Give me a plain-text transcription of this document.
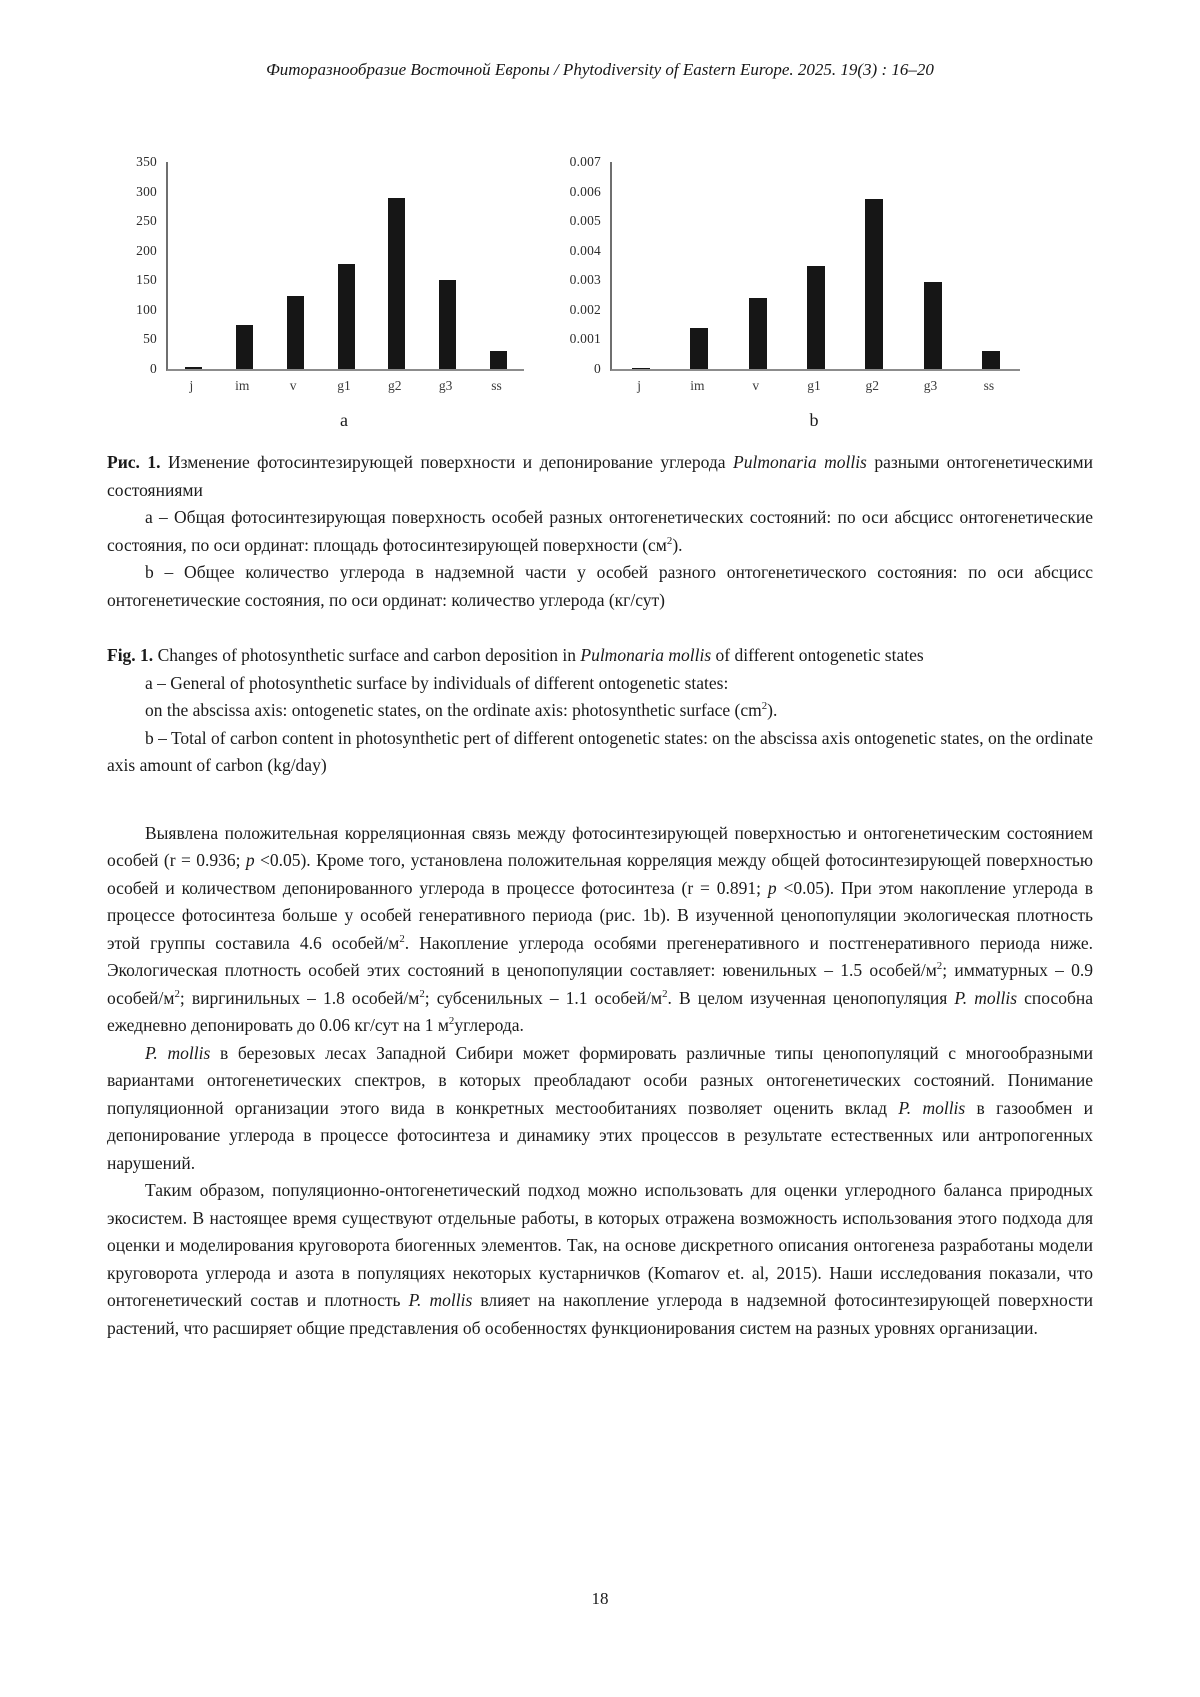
Фиторазнообразие Восточной Европы / Phytodiversity of Eastern Europe. 2025. 19(3) : 16–20
350
300
250
200
150
100
50
0
j	im	v	g1	g2	g3	ss
a
0.007
0.006
0.005
0.004
0.003
0.002
0.001
0
j	im	v	g1	g2	g3	ss
b

Рис. 1. Изменение фотосинтезирующей поверхности и депонирование углерода Pulmonaria mollis разными онтогенетическими состояниями

а – Общая фотосинтезирующая поверхность особей разных онтогенетических состояний: по оси абсцисс онтогенетические состояния, по оси ординат: площадь фотосинтезирующей поверхности $(см^2)$.

b – Общее количество углерода в надземной части у особей разного онтогенетического состояния: по оси абсцисс онтогенетические состояния, по оси ординат: количество углерода (кг/сут)

Fig. 1. Changes of photosynthetic surface and carbon deposition in Pulmonaria mollis of different ontogenetic states

a – General of photosynthetic surface by individuals of different ontogenetic states:

on the abscissa axis: ontogenetic states, on the ordinate axis: photosynthetic surface $(cm^2)$.

b – Total of carbon content in photosynthetic pert of different ontogenetic states: on the abscissa axis ontogenetic states, on the ordinate axis amount of carbon (kg/day)

Выявлена положительная корреляционная связь между фотосинтезирующей поверхностью и онтогенетическим состоянием особей (r = 0.936; p <0.05). Кроме того, установлена положительная корреляция между общей фотосинтезирующей поверхностью особей и количеством депонированного углерода в процессе фотосинтеза (r = 0.891; p <0.05). При этом накопление углерода в процессе фотосинтеза больше у особей генеративного периода (рис. 1b). В изученной ценопопуляции экологическая плотность этой группы составила 4.6 особей/$м^2$. Накопление углерода особями прегенеративного и постгенеративного периода ниже. Экологическая плотность особей этих состояний в ценопопуляции составляет: ювенильных – 1.5 особей/$м^2$; имматурных – 0.9 особей/$м^2$; виргинильных – 1.8 особей/$м^2$; субсенильных – 1.1 особей/$м^2$. В целом изученная ценопопуляция P. mollis способна ежедневно депонировать до 0.06 кг/сут на 1 $м^2углерода$.

P. mollis в березовых лесах Западной Сибири может формировать различные типы ценопопуляций с многообразными вариантами онтогенетических спектров, в которых преобладают особи разных онтогенетических состояний. Понимание популяционной организации этого вида в конкретных местообитаниях позволяет оценить вклад P. mollis в газообмен и депонирование углерода в процессе фотосинтеза и динамику этих процессов в результате естественных или антропогенных нарушений.

Таким образом, популяционно-онтогенетический подход можно использовать для оценки углеродного баланса природных экосистем. В настоящее время существуют отдельные работы, в которых отражена возможность использования этого подхода для оценки и моделирования круговорота биогенных элементов. Так, на основе дискретного описания онтогенеза разработаны модели круговорота углерода и азота в популяциях некоторых кустарничков (Komarov et. al, 2015). Наши исследования показали, что онтогенетический состав и плотность P. mollis влияет на накопление углерода в надземной фотосинтезирующей поверхности растений, что расширяет общие представления об особенностях функционирования систем на разных уровнях организации.

18
